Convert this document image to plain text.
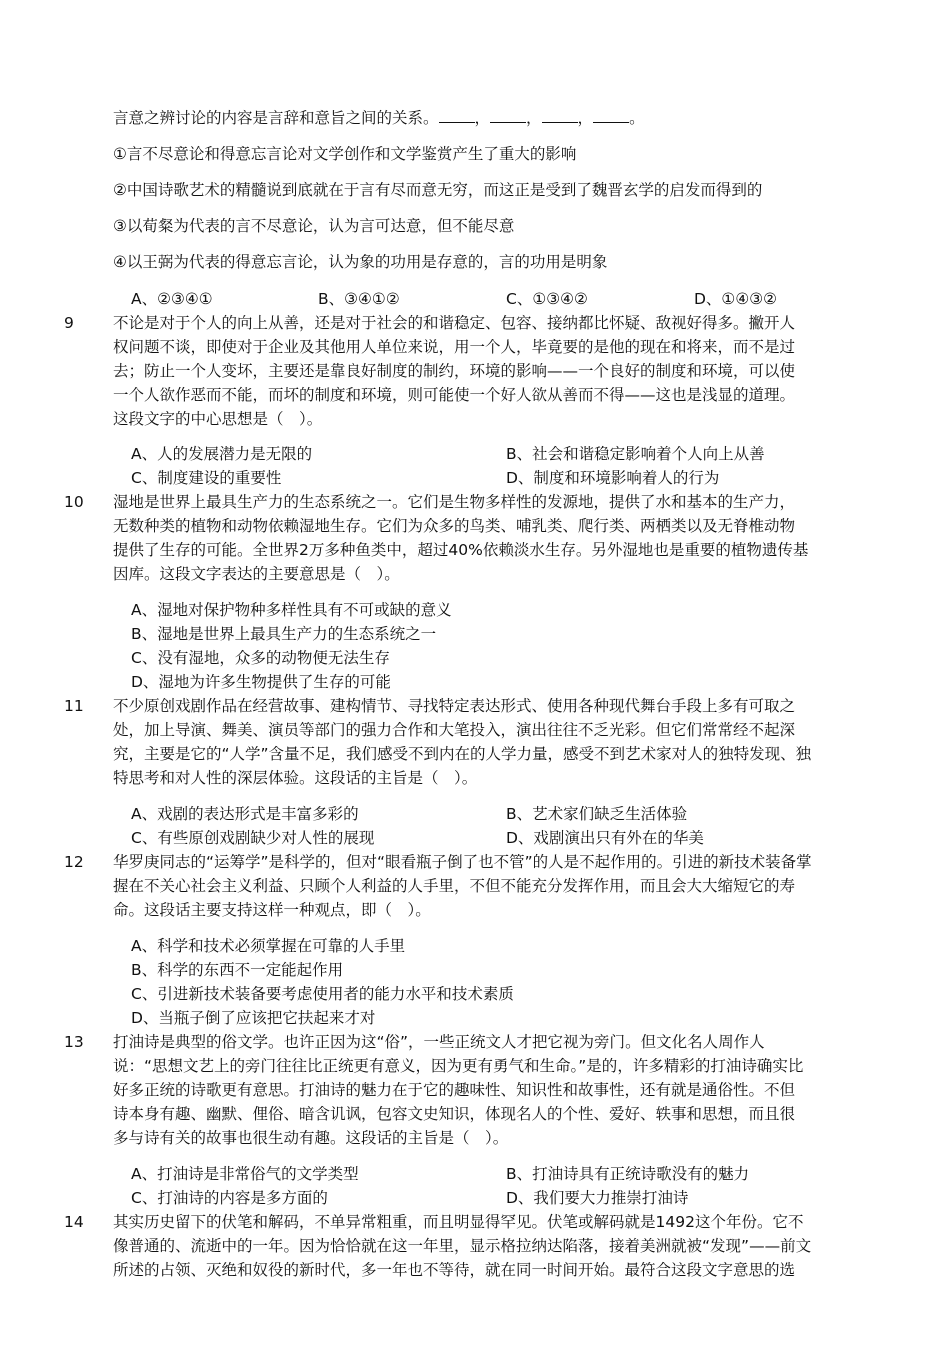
言意之辨讨论的内容是言辞和意旨之间的关系。 ， ， ， 。
①言不尽意论和得意忘言论对文学创作和文学鉴赏产生了重大的影响
②中国诗歌艺术的精髓说到底就在于言有尽而意无穷，而这正是受到了魏晋玄学的启发而得到的
③以荀粲为代表的言不尽意论，认为言可达意，但不能尽意
④以王弼为代表的得意忘言论，认为象的功用是存意的，言的功用是明象
A、②③④①	B、③④①②	C、①③④②	D、①④③②
9	不论是对于个人的向上从善，还是对于社会的和谐稳定、包容、接纳都比怀疑、敌视好得多。撇开人
权问题不谈，即使对于企业及其他用人单位来说，用一个人，毕竟要的是他的现在和将来，而不是过
去；防止一个人变坏，主要还是靠良好制度的制约，环境的影响——一个良好的制度和环境，可以使
一个人欲作恶而不能，而坏的制度和环境，则可能使一个好人欲从善而不得——这也是浅显的道理。
这段文字的中心思想是（　）。
A、人的发展潜力是无限的	B、社会和谐稳定影响着个人向上从善
C、制度建设的重要性	D、制度和环境影响着人的行为
10 湿地是世界上最具生产力的生态系统之一。它们是生物多样性的发源地，提供了水和基本的生产力，
无数种类的植物和动物依赖湿地生存。它们为众多的鸟类、哺乳类、爬行类、两栖类以及无脊椎动物
提供了生存的可能。全世界2万多种鱼类中，超过40%依赖淡水生存。另外湿地也是重要的植物遗传基
因库。这段文字表达的主要意思是（　）。
A、湿地对保护物种多样性具有不可或缺的意义
B、湿地是世界上最具生产力的生态系统之一
C、没有湿地，众多的动物便无法生存
D、湿地为许多生物提供了生存的可能
11 不少原创戏剧作品在经营故事、建构情节、寻找特定表达形式、使用各种现代舞台手段上多有可取之
处，加上导演、舞美、演员等部门的强力合作和大笔投入，演出往往不乏光彩。但它们常常经不起深
究，主要是它的“人学”含量不足，我们感受不到内在的人学力量，感受不到艺术家对人的独特发现、独
特思考和对人性的深层体验。这段话的主旨是（　）。
A、戏剧的表达形式是丰富多彩的	B、艺术家们缺乏生活体验
C、有些原创戏剧缺少对人性的展现	D、戏剧演出只有外在的华美
12 华罗庚同志的“运筹学”是科学的，但对“眼看瓶子倒了也不管”的人是不起作用的。引进的新技术装备掌
握在不关心社会主义利益、只顾个人利益的人手里，不但不能充分发挥作用，而且会大大缩短它的寿
命。这段话主要支持这样一种观点，即（　）。
A、科学和技术必须掌握在可靠的人手里
B、科学的东西不一定能起作用
C、引进新技术装备要考虑使用者的能力水平和技术素质
D、当瓶子倒了应该把它扶起来才对
13 打油诗是典型的俗文学。也许正因为这“俗”，一些正统文人才把它视为旁门。但文化名人周作人
说：“思想文艺上的旁门往往比正统更有意义，因为更有勇气和生命。”是的，许多精彩的打油诗确实比
好多正统的诗歌更有意思。打油诗的魅力在于它的趣味性、知识性和故事性，还有就是通俗性。不但
诗本身有趣、幽默、俚俗、暗含讥讽，包容文史知识，体现名人的个性、爱好、轶事和思想，而且很
多与诗有关的故事也很生动有趣。这段话的主旨是（　）。
A、打油诗是非常俗气的文学类型	B、打油诗具有正统诗歌没有的魅力
C、打油诗的内容是多方面的	D、我们要大力推崇打油诗
14 其实历史留下的伏笔和解码，不单异常粗重，而且明显得罕见。伏笔或解码就是1492这个年份。它不
像普通的、流逝中的一年。因为恰恰就在这一年里，显示格拉纳达陷落，接着美洲就被“发现”——前文
所述的占领、灭绝和奴役的新时代，多一年也不等待，就在同一时间开始。最符合这段文字意思的选
